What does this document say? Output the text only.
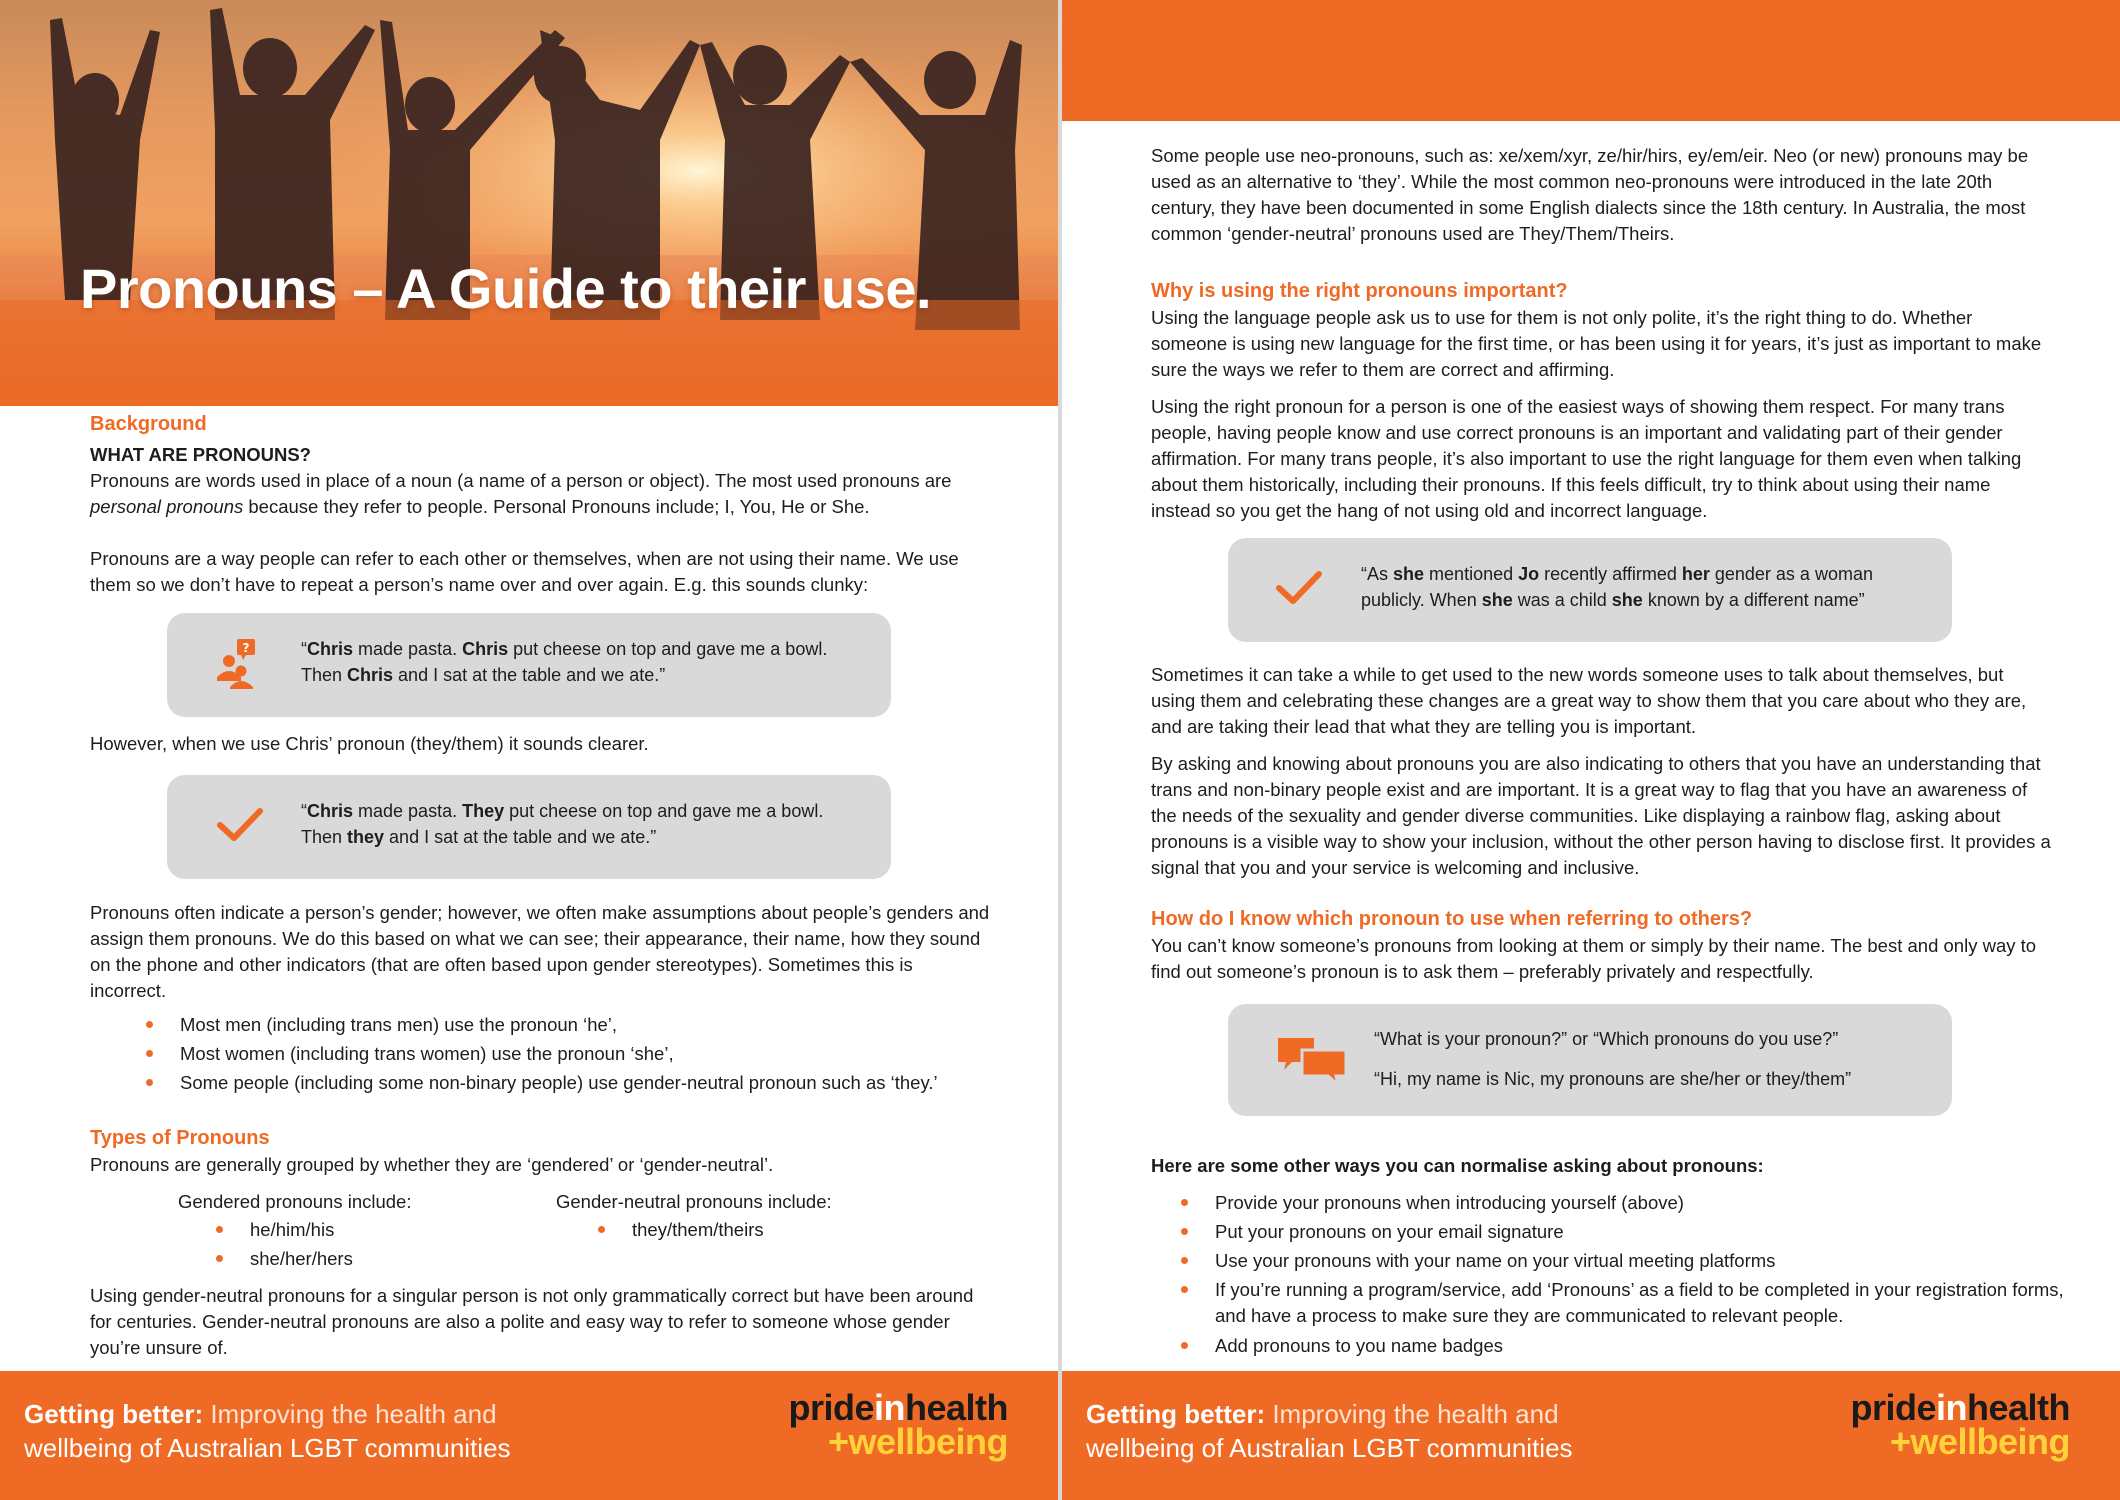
Pronouns – A Guide to their use.
Background
WHAT ARE PRONOUNS?

Pronouns are words used in place of a noun (a name of a person or object). The most used pronouns are personal pronouns because they refer to people. Personal Pronouns include; I, You, He or She.

Pronouns are a way people can refer to each other or themselves, when are not using their name. We use them so we don’t have to repeat a person’s name over and over again. E.g. this sounds clunky:

?	“Chris made pasta. Chris put cheese on top and gave me a bowl.
Then Chris and I sat at the table and we ate.”

However, when we use Chris’ pronoun (they/them) it sounds clearer.

“Chris made pasta. They put cheese on top and gave me a bowl.
Then they and I sat at the table and we ate.”

Pronouns often indicate a person’s gender; however, we often make assumptions about people’s genders and assign them pronouns. We do this based on what we can see; their appearance, their name, how they sound on the phone and other indicators (that are often based upon gender stereotypes). Sometimes this is incorrect.

Most men (including trans men) use the pronoun ‘he’,
Most women (including trans women) use the pronoun ‘she’,
Some people (including some non-binary people) use gender-neutral pronoun such as ‘they.’
Types of Pronouns

Pronouns are generally grouped by whether they are ‘gendered’ or ‘gender-neutral’.

Gendered pronouns include:
he/him/his
she/her/hers
Gender-neutral pronouns include:
they/them/theirs

Using gender-neutral pronouns for a singular person is not only grammatically correct but have been around for centuries. Gender-neutral pronouns are also a polite and easy way to refer to someone whose gender you’re unsure of.

Getting better: Improving the health and
wellbeing of Australian LGBT communities
prideinhealth
+wellbeing

Some people use neo-pronouns, such as: xe/xem/xyr, ze/hir/hirs, ey/em/eir. Neo (or new) pronouns may be used as an alternative to ‘they’. While the most common neo-pronouns were introduced in the late 20th century, they have been documented in some English dialects since the 18th century. In Australia, the most common ‘gender-neutral’ pronouns used are They/Them/Theirs.

Why is using the right pronouns important?

Using the language people ask us to use for them is not only polite, it’s the right thing to do. Whether someone is using new language for the first time, or has been using it for years, it’s just as important to make sure the ways we refer to them are correct and affirming.

Using the right pronoun for a person is one of the easiest ways of showing them respect. For many trans people, having people know and use correct pronouns is an important and validating part of their gender affirmation. For many trans people, it’s also important to use the right language for them even when talking about them historically, including their pronouns. If this feels difficult, try to think about using their name instead so you get the hang of not using old and incorrect language.

“As she mentioned Jo recently affirmed her gender as a woman
publicly. When she was a child she known by a different name”

Sometimes it can take a while to get used to the new words someone uses to talk about themselves, but using them and celebrating these changes are a great way to show them that you care about who they are, and are taking their lead that what they are telling you is important.

By asking and knowing about pronouns you are also indicating to others that you have an understanding that trans and non-binary people exist and are important. It is a great way to flag that you have an awareness of the needs of the sexuality and gender diverse communities. Like displaying a rainbow flag, asking about pronouns is a visible way to show your inclusion, without the other person having to disclose first. It provides a signal that you and your service is welcoming and inclusive.

How do I know which pronoun to use when referring to others?

You can’t know someone’s pronouns from looking at them or simply by their name. The best and only way to find out someone’s pronoun is to ask them – preferably privately and respectfully.

“What is your pronoun?” or “Which pronouns do you use?”
“Hi, my name is Nic, my pronouns are she/her or they/them”
Here are some other ways you can normalise asking about pronouns:
Provide your pronouns when introducing yourself (above)
Put your pronouns on your email signature
Use your pronouns with your name on your virtual meeting platforms
If you’re running a program/service, add ‘Pronouns’ as a field to be completed in your registration forms, and have a process to make sure they are communicated to relevant people.
Add pronouns to you name badges
Getting better: Improving the health and
wellbeing of Australian LGBT communities
prideinhealth
+wellbeing
